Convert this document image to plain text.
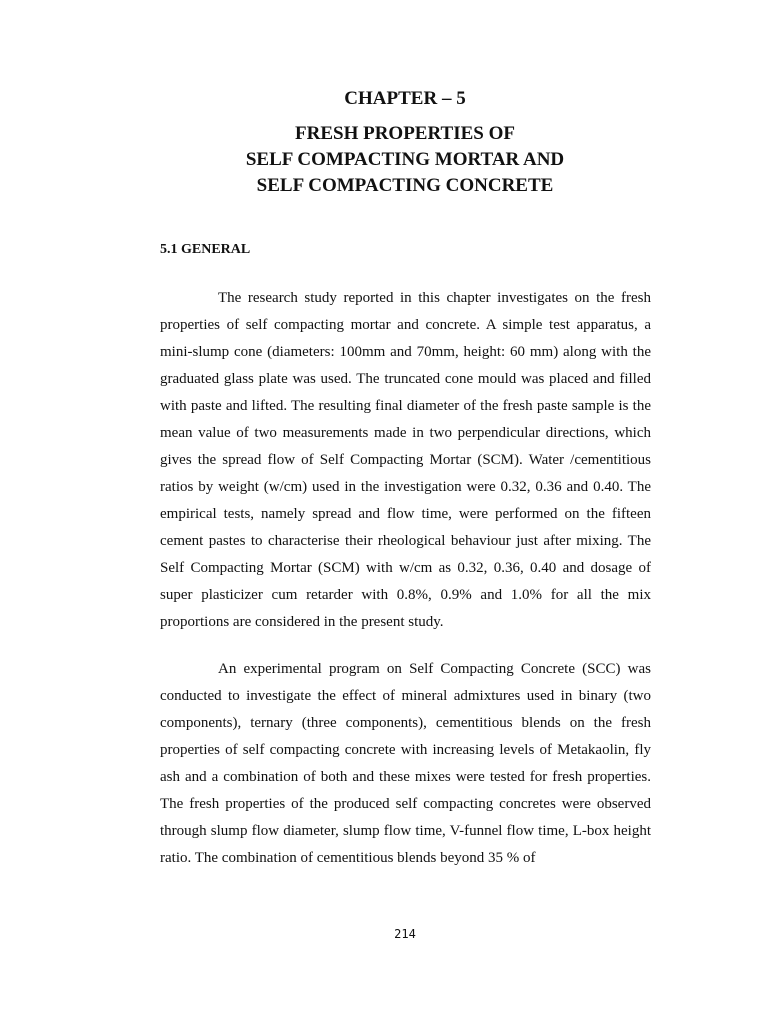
CHAPTER – 5
FRESH PROPERTIES OF
SELF COMPACTING MORTAR AND
SELF COMPACTING CONCRETE
5.1 GENERAL

The research study reported in this chapter investigates on the fresh properties of self compacting mortar and concrete. A simple test apparatus, a mini-slump cone (diameters: 100mm and 70mm, height: 60 mm) along with the graduated glass plate was used. The truncated cone mould was placed and filled with paste and lifted. The resulting final diameter of the fresh paste sample is the mean value of two measurements made in two perpendicular directions, which gives the spread flow of Self Compacting Mortar (SCM). Water /cementitious ratios by weight (w/cm) used in the investigation were 0.32, 0.36 and 0.40. The empirical tests, namely spread and flow time, were performed on the fifteen cement pastes to characterise their rheological behaviour just after mixing. The Self Compacting Mortar (SCM) with w/cm as 0.32, 0.36, 0.40 and dosage of super plasticizer cum retarder with 0.8%, 0.9% and 1.0% for all the mix proportions are considered in the present study.

An experimental program on Self Compacting Concrete (SCC) was conducted to investigate the effect of mineral admixtures used in binary (two components), ternary (three components), cementitious blends on the fresh properties of self compacting concrete with increasing levels of Metakaolin, fly ash and a combination of both and these mixes were tested for fresh properties. The fresh properties of the produced self compacting concretes were observed through slump flow diameter, slump flow time, V-funnel flow time, L-box height ratio. The combination of cementitious blends beyond 35 % of

214
